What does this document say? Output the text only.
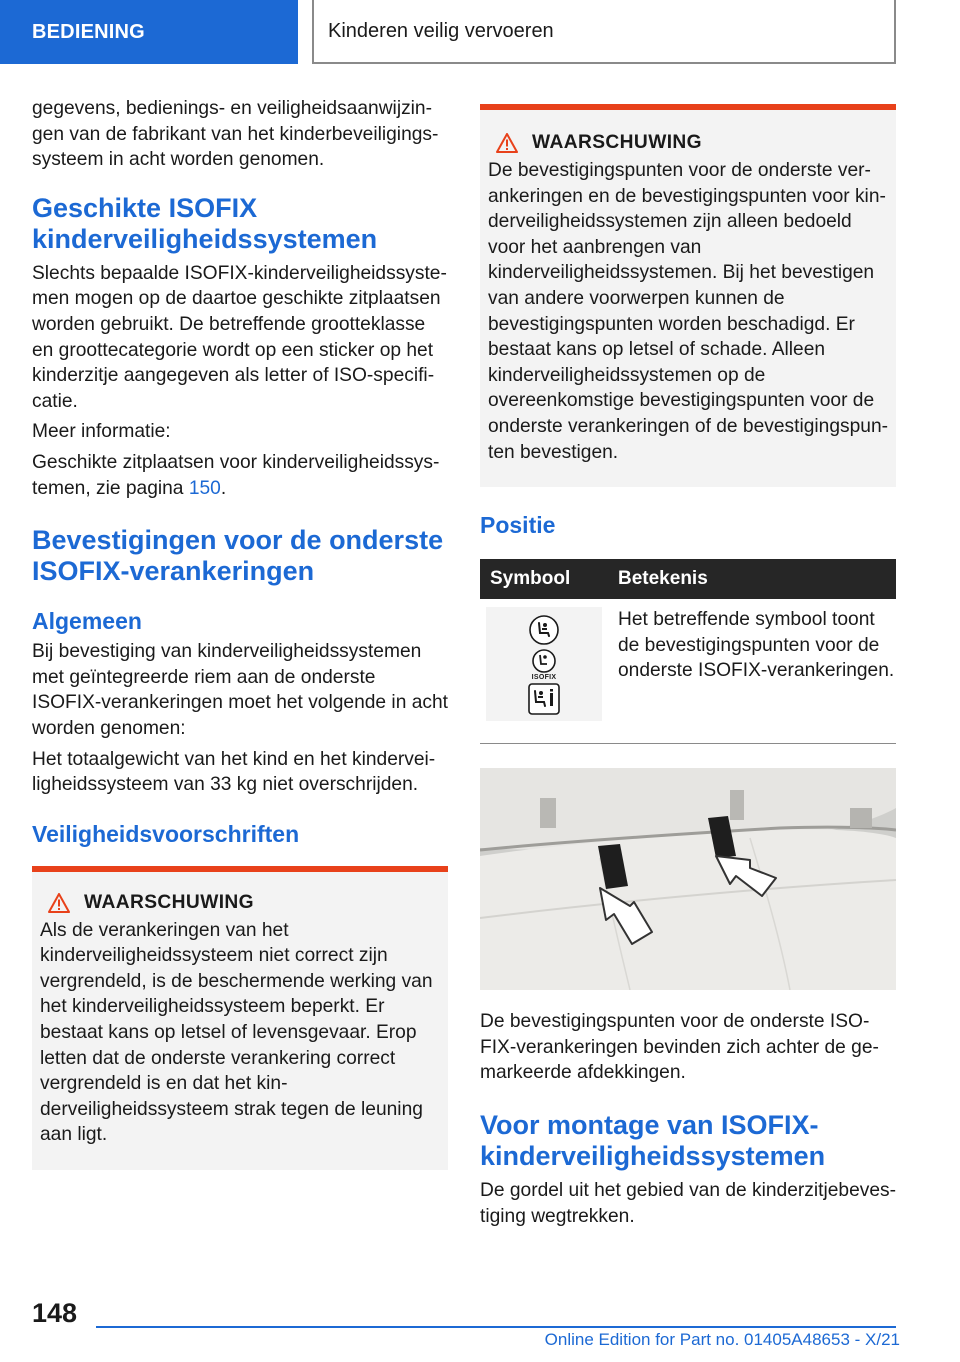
BEDIENING	Kinderen veilig vervoeren

gegevens, bedienings- en veiligheidsaanwijzingen van de fabrikant van het kinderbeveiligingssysteem in acht worden genomen.

Geschikte ISOFIX kinderveiligheidssystemen

Slechts bepaalde ISOFIX-kinderveiligheidssystemen mogen op de daartoe geschikte zitplaatsen worden gebruikt. De betreffende grootteklasse en groottecategorie wordt op een sticker op het kinderzitje aangegeven als letter of ISO-specificatie.

Meer informatie:

Geschikte zitplaatsen voor kinderveiligheidssystemen, zie pagina 150.

Bevestigingen voor de onderste ISOFIX-verankeringen
Algemeen

Bij bevestiging van kinderveiligheidssystemen met geïntegreerde riem aan de onderste ISOFIX-verankeringen moet het volgende in acht worden genomen:

Het totaalgewicht van het kind en het kinderveiligheidssysteem van 33 kg niet overschrijden.

Veiligheidsvoorschriften
WAARSCHUWING
Als de verankeringen van het kinderveiligheidssysteem niet correct zijn vergrendeld, is de beschermende werking van het kinderveiligheidssysteem beperkt. Er bestaat kans op letsel of levensgevaar. Erop letten dat de onderste verankering correct vergrendeld is en dat het kinderveiligheidssysteem strak tegen de leuning aan ligt.
WAARSCHUWING
De bevestigingspunten voor de onderste verankeringen en de bevestigingspunten voor kinderveiligheidssystemen zijn alleen bedoeld voor het aanbrengen van kinderveiligheidssystemen. Bij het bevestigen van andere voorwerpen kunnen de bevestigingspunten worden beschadigd. Er bestaat kans op letsel of schade. Alleen kinderveiligheidssystemen op de overeenkomstige bevestigingspunten voor de onderste verankeringen of de bevestigingspunten bevestigen.
Positie
Symbool	Betekenis

ISOFIX	Het betreffende symbool toont de bevestigingspunten voor de onderste ISOFIX-verankeringen.

De bevestigingspunten voor de onderste ISOFIX-verankeringen bevinden zich achter de gemarkeerde afdekkingen.

Voor montage van ISOFIX-kinderveiligheidssystemen

De gordel uit het gebied van de kinderzitjebevestiging wegtrekken.

148
Online Edition for Part no. 01405A48653 - X/21
